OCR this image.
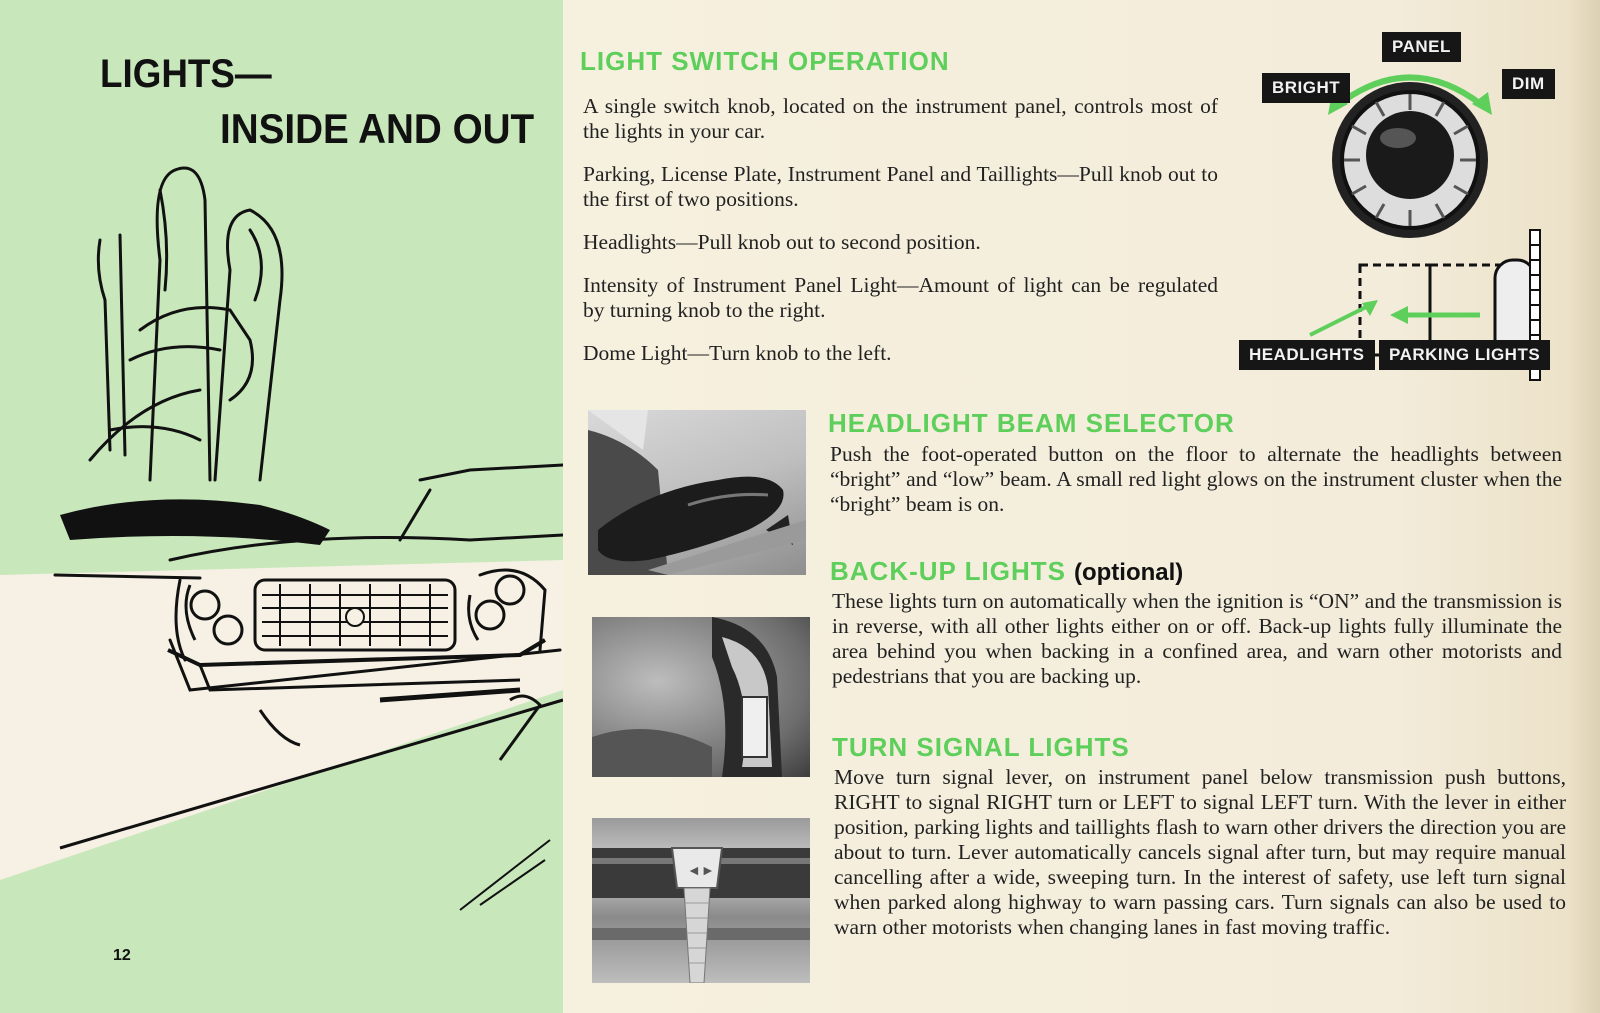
LIGHTS—
INSIDE AND OUT
12
LIGHT SWITCH OPERATION

A single switch knob, located on the instrument panel, controls most of the lights in your car.

Parking, License Plate, Instrument Panel and Taillights—Pull knob out to the first of two positions.

Headlights—Pull knob out to second position.

Intensity of Instrument Panel Light—Amount of light can be regulated by turning knob to the right.

Dome Light—Turn knob to the left.

PANEL
BRIGHT	DIM
HEADLIGHTS	PARKING LIGHTS
◄►
HEADLIGHT BEAM SELECTOR
Push the foot-operated button on the floor to alternate the headlights between “bright” and “low” beam. A small red light glows on the instrument cluster when the “bright” beam is on.
BACK-UP LIGHTS (optional)
These lights turn on automatically when the ignition is “ON” and the transmission is in reverse, with all other lights either on or off. Back-up lights fully illuminate the area behind you when backing in a confined area, and warn other motorists and pedestrians that you are backing up.
TURN SIGNAL LIGHTS
Move turn signal lever, on instrument panel below transmission push buttons, RIGHT to signal RIGHT turn or LEFT to signal LEFT turn. With the lever in either position, parking lights and taillights flash to warn other drivers the direction you are about to turn. Lever automatically cancels signal after turn, but may require manual cancelling after a wide, sweeping turn. In the interest of safety, use left turn signal when parked along highway to warn passing cars. Turn signals can also be used to warn other motorists when changing lanes in fast moving traffic.
